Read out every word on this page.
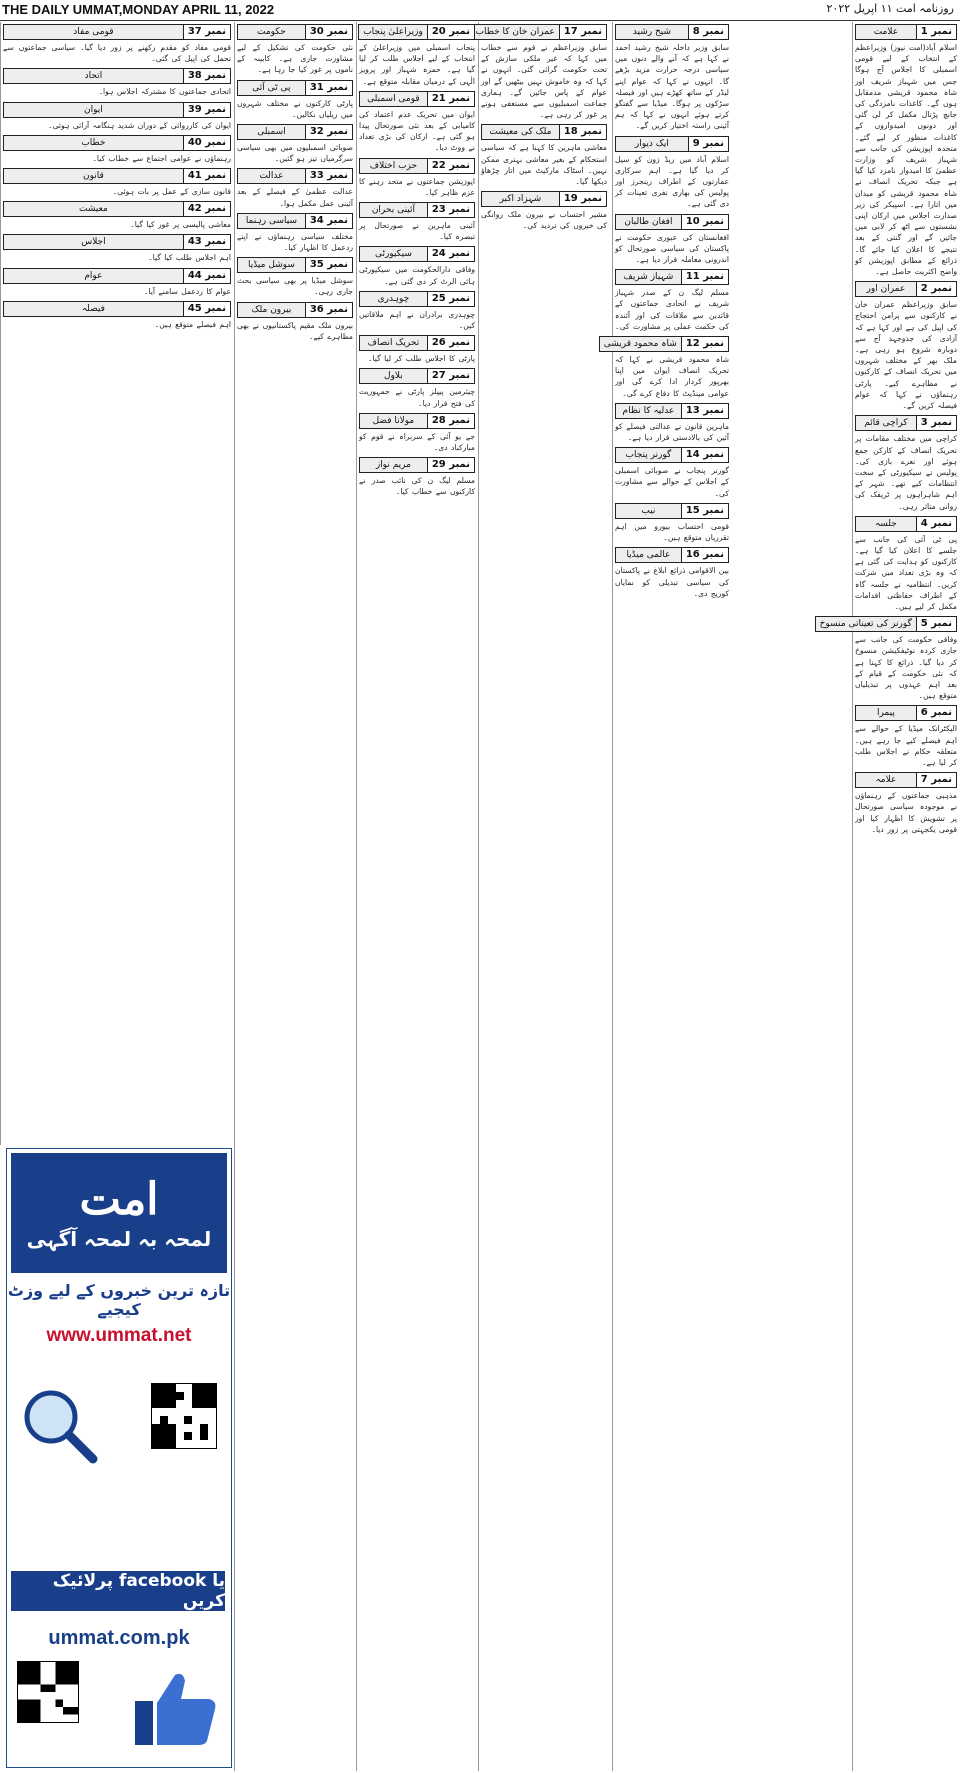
THE DAILY UMMAT,MONDAY APRIL 11, 2022	روزنامہ امت ۱۱ اپریل ۲۰۲۲
نمبر 1
علامت
اسلام آباد(امت نیوز) وزیراعظم کے انتخاب کے لیے قومی اسمبلی کا اجلاس آج ہوگا جس میں شہباز شریف اور شاہ محمود قریشی مدمقابل ہوں گے۔ کاغذات نامزدگی کی جانچ پڑتال مکمل کر لی گئی اور دونوں امیدواروں کے کاغذات منظور کر لیے گئے۔ متحدہ اپوزیشن کی جانب سے شہباز شریف کو وزارت عظمیٰ کا امیدوار نامزد کیا گیا ہے جبکہ تحریک انصاف نے شاہ محمود قریشی کو میدان میں اتارا ہے۔ اسپیکر کی زیر صدارت اجلاس میں ارکان اپنی نشستوں سے اٹھ کر لابی میں جائیں گے اور گنتی کے بعد نتیجے کا اعلان کیا جائے گا۔ ذرائع کے مطابق اپوزیشن کو واضح اکثریت حاصل ہے۔
نمبر 2
عمران اور
سابق وزیراعظم عمران خان نے کارکنوں سے پرامن احتجاج کی اپیل کی ہے اور کہا ہے کہ آزادی کی جدوجہد آج سے دوبارہ شروع ہو رہی ہے۔ ملک بھر کے مختلف شہروں میں تحریک انصاف کے کارکنوں نے مظاہرے کیے۔ پارٹی رہنماؤں نے کہا کہ عوام فیصلہ کریں گے۔
نمبر 3
کراچی قائم
کراچی میں مختلف مقامات پر تحریک انصاف کے کارکن جمع ہوئے اور نعرے بازی کی۔ پولیس نے سیکیورٹی کے سخت انتظامات کیے تھے۔ شہر کے اہم شاہراہوں پر ٹریفک کی روانی متاثر رہی۔
نمبر 4
جلسہ
پی ٹی آئی کی جانب سے جلسے کا اعلان کیا گیا ہے۔ کارکنوں کو ہدایت کی گئی ہے کہ وہ بڑی تعداد میں شرکت کریں۔ انتظامیہ نے جلسہ گاہ کے اطراف حفاظتی اقدامات مکمل کر لیے ہیں۔
نمبر 5
گورنر کی تعیناتی منسوخ
وفاقی حکومت کی جانب سے جاری کردہ نوٹیفکیشن منسوخ کر دیا گیا۔ ذرائع کا کہنا ہے کہ نئی حکومت کے قیام کے بعد اہم عہدوں پر تبدیلیاں متوقع ہیں۔
نمبر 6
پیمرا
الیکٹرانک میڈیا کے حوالے سے اہم فیصلے کیے جا رہے ہیں۔ متعلقہ حکام نے اجلاس طلب کر لیا ہے۔
نمبر 7
علامہ
مذہبی جماعتوں کے رہنماؤں نے موجودہ سیاسی صورتحال پر تشویش کا اظہار کیا اور قومی یکجہتی پر زور دیا۔
نمبر 8
شیخ رشید
سابق وزیر داخلہ شیخ رشید احمد نے کہا ہے کہ آنے والے دنوں میں سیاسی درجہ حرارت مزید بڑھے گا۔ انہوں نے کہا کہ عوام اپنے لیڈر کے ساتھ کھڑے ہیں اور فیصلہ سڑکوں پر ہوگا۔ میڈیا سے گفتگو کرتے ہوئے انہوں نے کہا کہ ہم آئینی راستہ اختیار کریں گے۔
نمبر 9
ایک دیوار
اسلام آباد میں ریڈ زون کو سیل کر دیا گیا ہے۔ اہم سرکاری عمارتوں کے اطراف رینجرز اور پولیس کی بھاری نفری تعینات کر دی گئی ہے۔
نمبر 10
افغان طالبان
افغانستان کی عبوری حکومت نے پاکستان کی سیاسی صورتحال کو اندرونی معاملہ قرار دیا ہے۔
نمبر 11
شہباز شریف
مسلم لیگ ن کے صدر شہباز شریف نے اتحادی جماعتوں کے قائدین سے ملاقات کی اور آئندہ کی حکمت عملی پر مشاورت کی۔
نمبر 12
شاہ محمود قریشی
شاہ محمود قریشی نے کہا کہ تحریک انصاف ایوان میں اپنا بھرپور کردار ادا کرے گی اور عوامی مینڈیٹ کا دفاع کرے گی۔
نمبر 13
عدلیہ کا نظام
ماہرین قانون نے عدالتی فیصلے کو آئین کی بالادستی قرار دیا ہے۔
نمبر 14
گورنر پنجاب
گورنر پنجاب نے صوبائی اسمبلی کے اجلاس کے حوالے سے مشاورت کی۔
نمبر 15
نیب
قومی احتساب بیورو میں اہم تقرریاں متوقع ہیں۔
نمبر 16
عالمی میڈیا
بین الاقوامی ذرائع ابلاغ نے پاکستان کی سیاسی تبدیلی کو نمایاں کوریج دی۔
نمبر 17
عمران خان کا خطاب
سابق وزیراعظم نے قوم سے خطاب میں کہا کہ غیر ملکی سازش کے تحت حکومت گرائی گئی۔ انہوں نے کہا کہ وہ خاموش نہیں بیٹھیں گے اور عوام کے پاس جائیں گے۔ ہماری جماعت اسمبلیوں سے مستعفی ہونے پر غور کر رہی ہے۔
نمبر 18
ملک کی معیشت
معاشی ماہرین کا کہنا ہے کہ سیاسی استحکام کے بغیر معاشی بہتری ممکن نہیں۔ اسٹاک مارکیٹ میں اتار چڑھاؤ دیکھا گیا۔
نمبر 19
شہزاد اکبر
مشیر احتساب نے بیرون ملک روانگی کی خبروں کی تردید کی۔
نمبر 20
وزیراعلیٰ پنجاب
پنجاب اسمبلی میں وزیراعلیٰ کے انتخاب کے لیے اجلاس طلب کر لیا گیا ہے۔ حمزہ شہباز اور پرویز الٰہی کے درمیان مقابلہ متوقع ہے۔
نمبر 21
قومی اسمبلی
ایوان میں تحریک عدم اعتماد کی کامیابی کے بعد نئی صورتحال پیدا ہو گئی ہے۔ ارکان کی بڑی تعداد نے ووٹ دیا۔
نمبر 22
حزب اختلاف
اپوزیشن جماعتوں نے متحد رہنے کا عزم ظاہر کیا۔
نمبر 23
آئینی بحران
آئینی ماہرین نے صورتحال پر تبصرہ کیا۔
نمبر 24
سیکیورٹی
وفاقی دارالحکومت میں سیکیورٹی ہائی الرٹ کر دی گئی ہے۔
نمبر 25
چوہدری
چوہدری برادران نے اہم ملاقاتیں کیں۔
نمبر 26
تحریک انصاف
پارٹی کا اجلاس طلب کر لیا گیا۔
نمبر 27
بلاول
چیئرمین پیپلز پارٹی نے جمہوریت کی فتح قرار دیا۔
نمبر 28
مولانا فضل
جے یو آئی کے سربراہ نے قوم کو مبارکباد دی۔
نمبر 29
مریم نواز
مسلم لیگ ن کی نائب صدر نے کارکنوں سے خطاب کیا۔
نمبر 30
حکومت
نئی حکومت کی تشکیل کے لیے مشاورت جاری ہے۔ کابینہ کے ناموں پر غور کیا جا رہا ہے۔
نمبر 31
پی ٹی آئی
پارٹی کارکنوں نے مختلف شہروں میں ریلیاں نکالیں۔
نمبر 32
اسمبلی
صوبائی اسمبلیوں میں بھی سیاسی سرگرمیاں تیز ہو گئیں۔
نمبر 33
عدالت
عدالت عظمیٰ کے فیصلے کے بعد آئینی عمل مکمل ہوا۔
نمبر 34
سیاسی رہنما
مختلف سیاسی رہنماؤں نے اپنے ردعمل کا اظہار کیا۔
نمبر 35
سوشل میڈیا
سوشل میڈیا پر بھی سیاسی بحث جاری رہی۔
نمبر 36
بیرون ملک
بیرون ملک مقیم پاکستانیوں نے بھی مظاہرے کیے۔
نمبر 37
قومی مفاد
قومی مفاد کو مقدم رکھنے پر زور دیا گیا۔ سیاسی جماعتوں سے تحمل کی اپیل کی گئی۔
نمبر 38
اتحاد
اتحادی جماعتوں کا مشترکہ اجلاس ہوا۔
نمبر 39
ایوان
ایوان کی کارروائی کے دوران شدید ہنگامہ آرائی ہوئی۔
نمبر 40
خطاب
رہنماؤں نے عوامی اجتماع سے خطاب کیا۔
نمبر 41
قانون
قانون سازی کے عمل پر بات ہوئی۔
نمبر 42
معیشت
معاشی پالیسی پر غور کیا گیا۔
نمبر 43
اجلاس
اہم اجلاس طلب کیا گیا۔
نمبر 44
عوام
عوام کا ردعمل سامنے آیا۔
نمبر 45
فیصلہ
اہم فیصلے متوقع ہیں۔
امت
لمحہ بہ لمحہ آگہی
تازہ ترین خبروں کے لیے وزٹ کیجیے
www.ummat.net
یا facebook پرلائیک کریں
ummat.com.pk
